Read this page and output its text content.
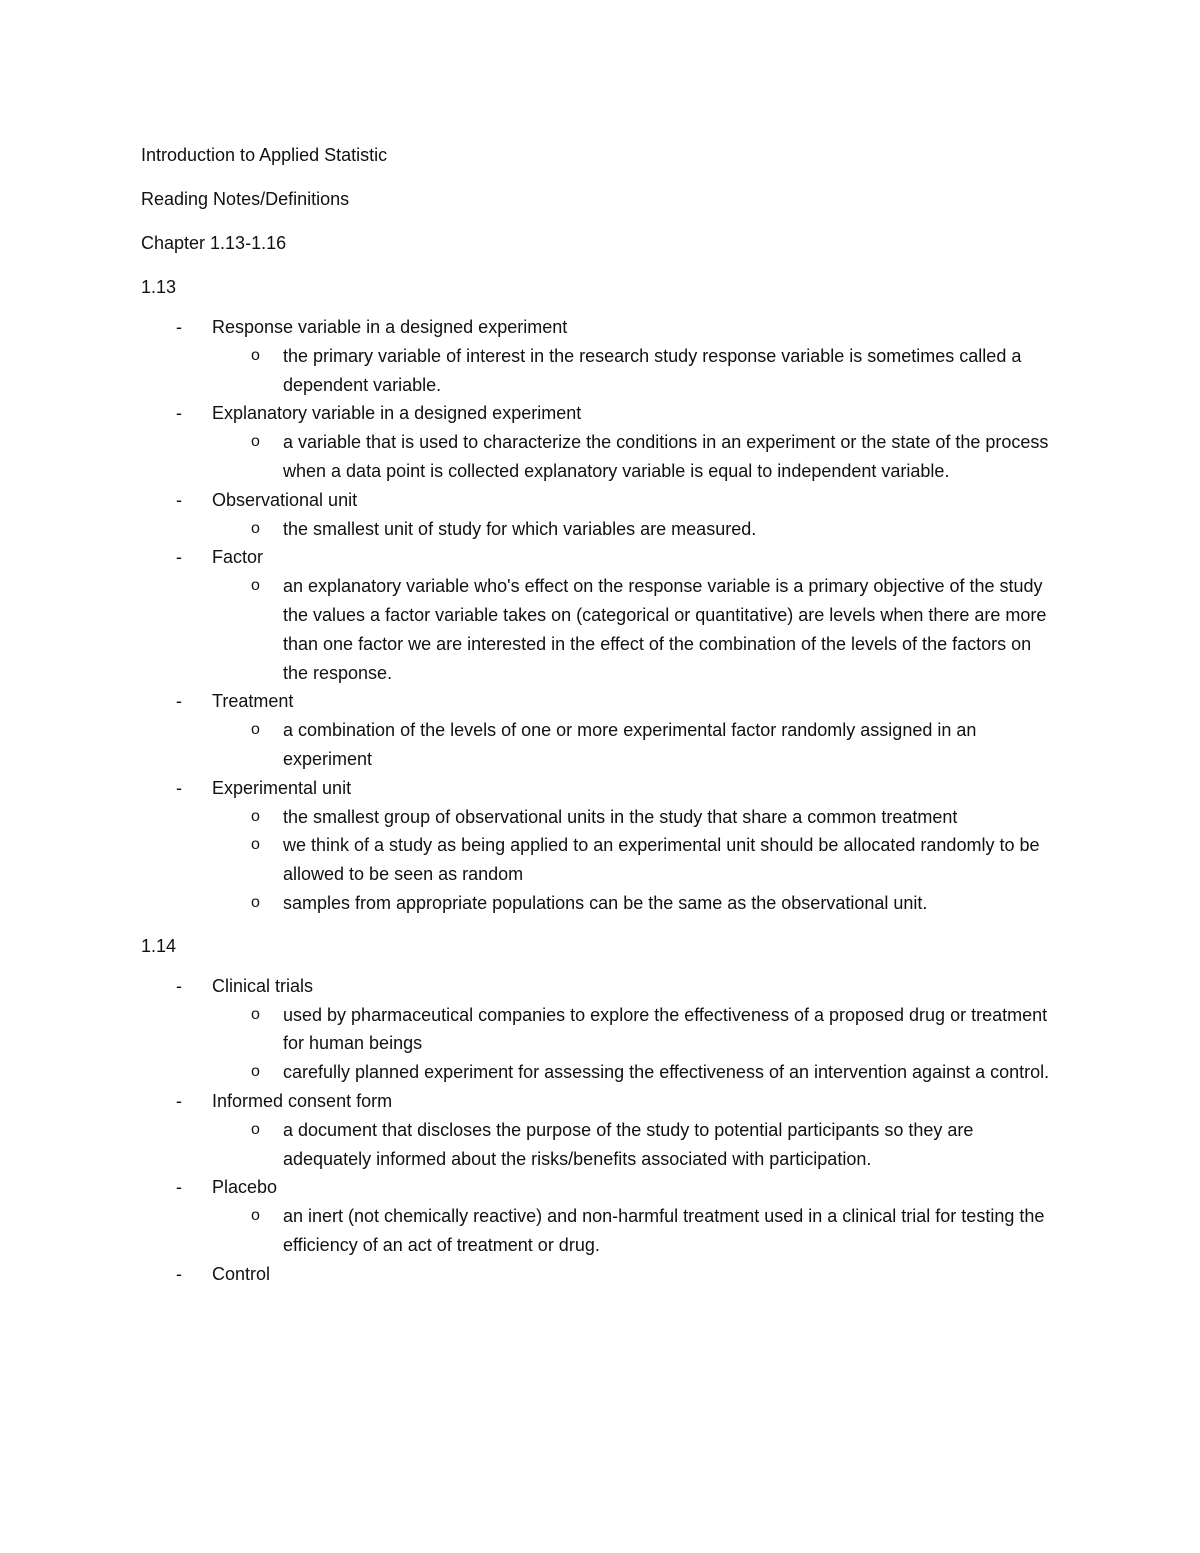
Introduction to Applied Statistic
Reading Notes/Definitions
Chapter 1.13-1.16
1.13
- Response variable in a designed experiment
o the primary variable of interest in the research study response variable is sometimes called a dependent variable.
- Explanatory variable in a designed experiment
o a variable that is used to characterize the conditions in an experiment or the state of the process when a data point is collected explanatory variable is equal to independent variable.
- Observational unit
o the smallest unit of study for which variables are measured.
- Factor
o an explanatory variable who's effect on the response variable is a primary objective of the study the values a factor variable takes on (categorical or quantitative) are levels when there are more than one factor we are interested in the effect of the combination of the levels of the factors on the response.
- Treatment
o a combination of the levels of one or more experimental factor randomly assigned in an experiment
- Experimental unit
o the smallest group of observational units in the study that share a common treatment
o we think of a study as being applied to an experimental unit should be allocated randomly to be allowed to be seen as random
o samples from appropriate populations can be the same as the observational unit.
1.14
- Clinical trials
o used by pharmaceutical companies to explore the effectiveness of a proposed drug or treatment for human beings
o carefully planned experiment for assessing the effectiveness of an intervention against a control.
- Informed consent form
o a document that discloses the purpose of the study to potential participants so they are adequately informed about the risks/benefits associated with participation.
- Placebo
o an inert (not chemically reactive) and non-harmful treatment used in a clinical trial for testing the efficiency of an act of treatment or drug.
- Control
